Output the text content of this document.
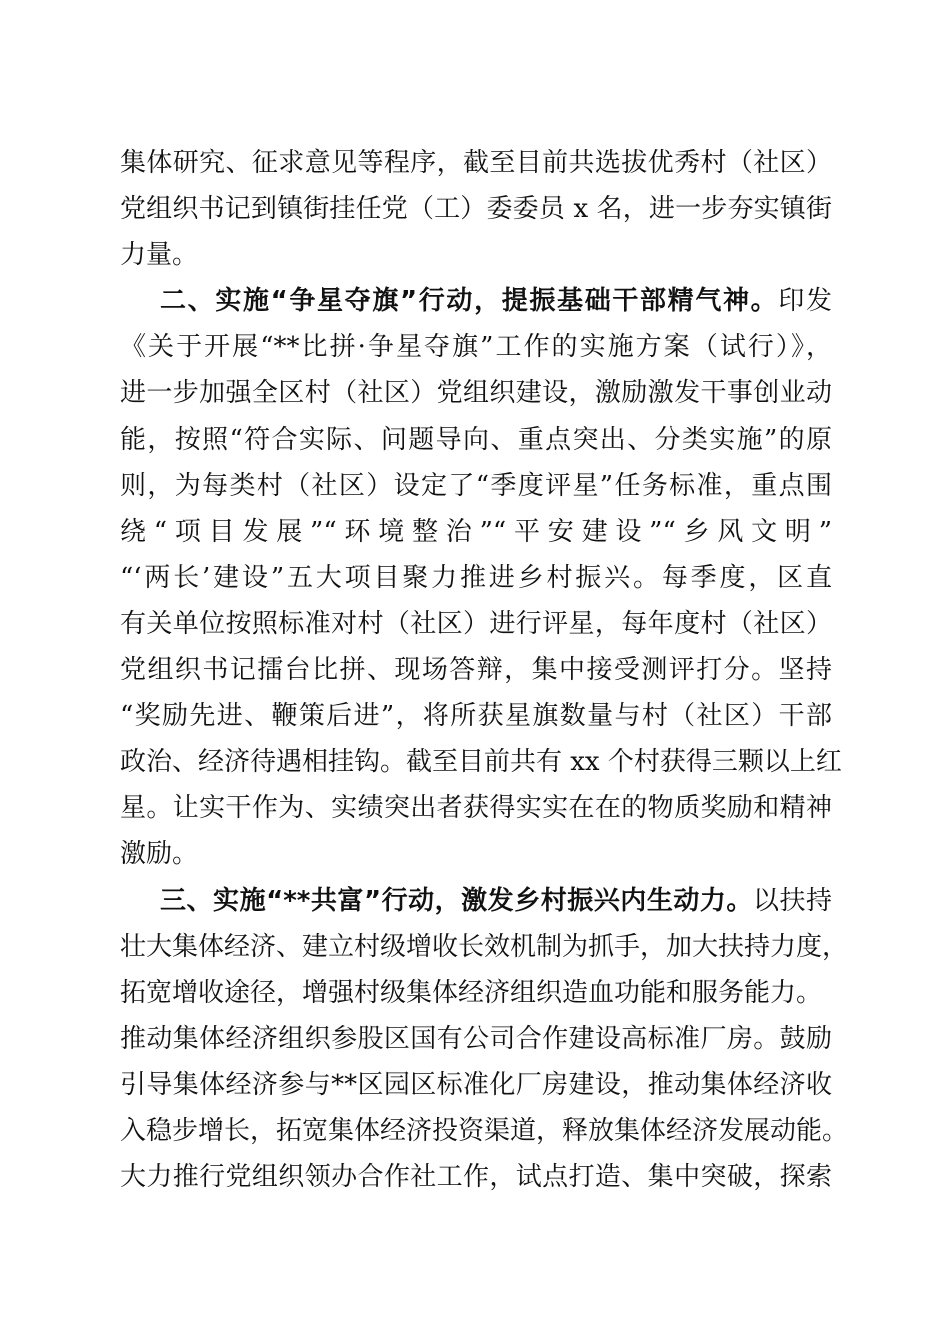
集体研究、征求意见等程序，截至目前共选拔优秀村（社区）
党组织书记到镇街挂任党（工）委委员 x 名，进一步夯实镇街
力量。
二、实施“争星夺旗”行动，提振基础干部精气神。印发
《关于开展“**比拼·争星夺旗”工作的实施方案（试行）》，
进一步加强全区村（社区）党组织建设，激励激发干事创业动
能，按照“符合实际、问题导向、重点突出、分类实施”的原
则，为每类村（社区）设定了“季度评星”任务标准，重点围
绕“项目发展”“环境整治”“平安建设”“乡风文明”
“‘两长’建设”五大项目聚力推进乡村振兴。每季度，区直
有关单位按照标准对村（社区）进行评星，每年度村（社区）
党组织书记擂台比拼、现场答辩，集中接受测评打分。坚持
“奖励先进、鞭策后进”，将所获星旗数量与村（社区）干部
政治、经济待遇相挂钩。截至目前共有 xx 个村获得三颗以上红
星。让实干作为、实绩突出者获得实实在在的物质奖励和精神
激励。
三、实施“**共富”行动，激发乡村振兴内生动力。以扶持
壮大集体经济、建立村级增收长效机制为抓手，加大扶持力度，
拓宽增收途径，增强村级集体经济组织造血功能和服务能力。
推动集体经济组织参股区国有公司合作建设高标准厂房。鼓励
引导集体经济参与**区园区标准化厂房建设，推动集体经济收
入稳步增长，拓宽集体经济投资渠道，释放集体经济发展动能。
大力推行党组织领办合作社工作，试点打造、集中突破，探索
